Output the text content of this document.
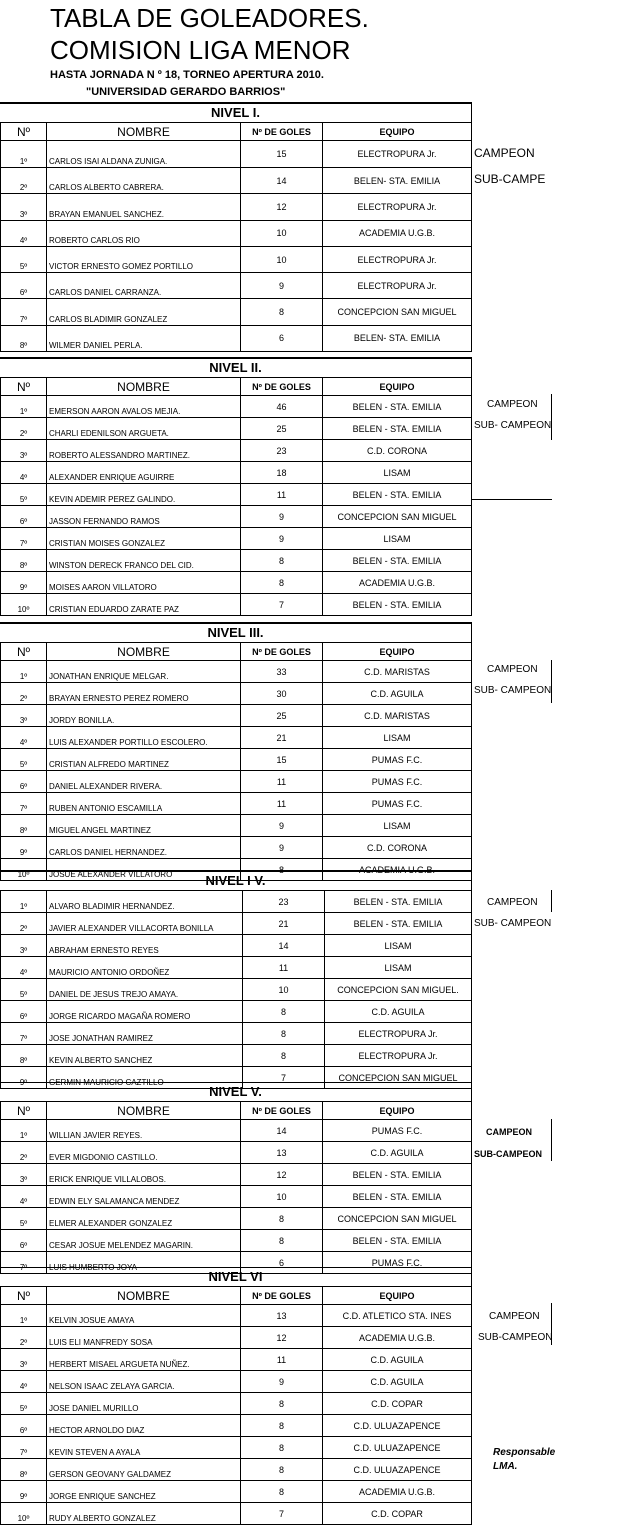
TABLA DE GOLEADORES.
COMISION LIGA MENOR
HASTA JORNADA N º 18, TORNEO APERTURA 2010.
"UNIVERSIDAD GERARDO BARRIOS"
NIVEL I.
Nº	NOMBRE	Nº DE GOLES	EQUIPO
1º	CARLOS ISAI ALDANA ZUNIGA.	15	ELECTROPURA Jr.
2º	CARLOS ALBERTO CABRERA.	14	BELEN- STA. EMILIA
3º	BRAYAN EMANUEL SANCHEZ.	12	ELECTROPURA Jr.
4º	ROBERTO CARLOS RIO	10	ACADEMIA U.G.B.
5º	VICTOR ERNESTO GOMEZ PORTILLO	10	ELECTROPURA Jr.
6º	CARLOS DANIEL CARRANZA.	9	ELECTROPURA Jr.
7º	CARLOS BLADIMIR GONZALEZ	8	CONCEPCION SAN MIGUEL
8º	WILMER DANIEL PERLA.	6	BELEN- STA. EMILIA
CAMPEON
SUB-CAMPE
NIVEL II.
Nº	NOMBRE	Nº DE GOLES	EQUIPO
1º	EMERSON AARON AVALOS MEJIA.	46	BELEN - STA. EMILIA
2º	CHARLI EDENILSON ARGUETA.	25	BELEN - STA. EMILIA
3º	ROBERTO ALESSANDRO MARTINEZ.	23	C.D. CORONA
4º	ALEXANDER ENRIQUE AGUIRRE	18	LISAM
5º	KEVIN ADEMIR PEREZ GALINDO.	11	BELEN - STA. EMILIA
6º	JASSON FERNANDO RAMOS	9	CONCEPCION SAN MIGUEL
7º	CRISTIAN MOISES GONZALEZ	9	LISAM
8º	WINSTON DERECK FRANCO DEL CID.	8	BELEN - STA. EMILIA
9º	MOISES AARON VILLATORO	8	ACADEMIA U.G.B.
10º	CRISTIAN EDUARDO ZARATE PAZ	7	BELEN - STA. EMILIA
CAMPEON
SUB- CAMPEON
NIVEL III.
Nº	NOMBRE	Nº DE GOLES	EQUIPO
1º	JONATHAN ENRIQUE MELGAR.	33	C.D. MARISTAS
2º	BRAYAN ERNESTO PEREZ ROMERO	30	C.D. AGUILA
3º	JORDY BONILLA.	25	C.D. MARISTAS
4º	LUIS ALEXANDER PORTILLO ESCOLERO.	21	LISAM
5º	CRISTIAN ALFREDO MARTINEZ	15	PUMAS F.C.
6º	DANIEL ALEXANDER RIVERA.	11	PUMAS F.C.
7º	RUBEN ANTONIO ESCAMILLA	11	PUMAS F.C.
8º	MIGUEL ANGEL MARTINEZ	9	LISAM
9º	CARLOS DANIEL HERNANDEZ.	9	C.D. CORONA
10º	JOSUE ALEXANDER VILLATORO	8	ACADEMIA U.G.B.
CAMPEON
SUB- CAMPEON
NIVEL I V.
1º	ALVARO BLADIMIR HERNANDEZ.	23	BELEN - STA. EMILIA
2º	JAVIER ALEXANDER VILLACORTA BONILLA	21	BELEN - STA. EMILIA
3º	ABRAHAM ERNESTO REYES	14	LISAM
4º	MAURICIO ANTONIO ORDOÑEZ	11	LISAM
5º	DANIEL DE JESUS TREJO AMAYA.	10	CONCEPCION SAN MIGUEL.
6º	JORGE RICARDO MAGAÑA ROMERO	8	C.D. AGUILA
7º	JOSE JONATHAN RAMIREZ	8	ELECTROPURA Jr.
8º	KEVIN ALBERTO SANCHEZ	8	ELECTROPURA Jr.
9º	GERMIN MAURICIO CAZTILLO	7	CONCEPCION SAN MIGUEL
CAMPEON
SUB- CAMPEON
NIVEL V.
Nº	NOMBRE	Nº DE GOLES	EQUIPO
1º	WILLIAN JAVIER REYES.	14	PUMAS F.C.
2º	EVER MIGDONIO CASTILLO.	13	C.D. AGUILA
3º	ERICK ENRIQUE VILLALOBOS.	12	BELEN - STA. EMILIA
4º	EDWIN ELY SALAMANCA MENDEZ	10	BELEN - STA. EMILIA
5º	ELMER ALEXANDER GONZALEZ	8	CONCEPCION SAN MIGUEL
6º	CESAR JOSUE MELENDEZ MAGARIN.	8	BELEN - STA. EMILIA
7º	LUIS HUMBERTO JOYA	6	PUMAS F.C.
CAMPEON
SUB-CAMPEON
NIVEL VI
Nº	NOMBRE	Nº DE GOLES	EQUIPO
1º	KELVIN JOSUE AMAYA	13	C.D. ATLETICO STA. INES
2º	LUIS ELI MANFREDY SOSA	12	ACADEMIA U.G.B.
3º	HERBERT MISAEL ARGUETA NUÑEZ.	11	C.D. AGUILA
4º	NELSON ISAAC ZELAYA GARCIA.	9	C.D. AGUILA
5º	JOSE DANIEL MURILLO	8	C.D. COPAR
6º	HECTOR ARNOLDO DIAZ	8	C.D. ULUAZAPENCE
7º	KEVIN STEVEN A AYALA	8	C.D. ULUAZAPENCE
8º	GERSON GEOVANY GALDAMEZ	8	C.D. ULUAZAPENCE
9º	JORGE ENRIQUE SANCHEZ	8	ACADEMIA U.G.B.
10º	RUDY ALBERTO GONZALEZ	7	C.D. COPAR
CAMPEON
SUB-CAMPEON
Responsable
LMA.
